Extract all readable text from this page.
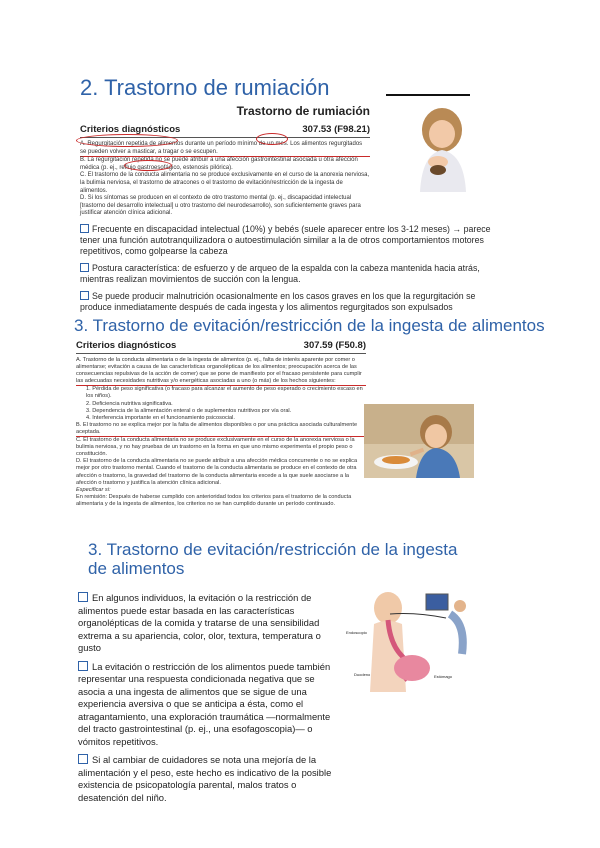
2. Trastorno de rumiación
Trastorno de rumiación
Criterios diagnósticos	307.53 (F98.21)
A. Regurgitación repetida de alimentos durante un período mínimo de un mes. Los alimentos regurgitados se pueden volver a masticar, a tragar o se escupen.
B. La regurgitación repetida no se puede atribuir a una afección gastrointestinal asociada u otra afección médica (p. ej., reflujo gastroesofágico, estenosis pilórica).
C. El trastorno de la conducta alimentaria no se produce exclusivamente en el curso de la anorexia nerviosa, la bulimia nerviosa, el trastorno de atracones o el trastorno de evitación/restricción de la ingesta de alimentos.
D. Si los síntomas se producen en el contexto de otro trastorno mental (p. ej., discapacidad intelectual [trastorno del desarrollo intelectual] u otro trastorno del neurodesarrollo), son suficientemente graves para justificar atención clínica adicional.
Frecuente en discapacidad intelectual (10%) y bebés (suele aparecer entre los 3-12 meses) → parece tener una función autotranquilizadora o autoestimulación similar a la de otros comportamientos motores repetitivos, como golpearse la cabeza
Postura característica: de esfuerzo y de arqueo de la espalda con la cabeza mantenida hacia atrás, mientras realizan movimientos de succión con la lengua.
Se puede producir malnutrición ocasionalmente en los casos graves en los que la regurgitación se produce inmediatamente después de cada ingesta y los alimentos regurgitados son expulsados
3. Trastorno de evitación/restricción de la ingesta de alimentos
Criterios diagnósticos	307.59 (F50.8)
A. Trastorno de la conducta alimentaria o de la ingesta de alimentos (p. ej., falta de interés aparente por comer o alimentarse; evitación a causa de las características organolépticas de los alimentos; preocupación acerca de las consecuencias repulsivas de la acción de comer) que se pone de manifiesto por el fracaso persistente para cumplir las adecuadas necesidades nutritivas y/o energéticas asociadas a uno (o más) de los hechos siguientes:
1. Pérdida de peso significativa (o fracaso para alcanzar el aumento de peso esperado o crecimiento escaso en los niños).
2. Deficiencia nutritiva significativa.
3. Dependencia de la alimentación enteral o de suplementos nutritivos por vía oral.
4. Interferencia importante en el funcionamiento psicosocial.
B. El trastorno no se explica mejor por la falta de alimentos disponibles o por una práctica asociada culturalmente aceptada.
C. El trastorno de la conducta alimentaria no se produce exclusivamente en el curso de la anorexia nerviosa o la bulimia nerviosa, y no hay pruebas de un trastorno en la forma en que uno mismo experimenta el propio peso o constitución.
D. El trastorno de la conducta alimentaria no se puede atribuir a una afección médica concurrente o no se explica mejor por otro trastorno mental. Cuando el trastorno de la conducta alimentaria se produce en el contexto de otra afección o trastorno, la gravedad del trastorno de la conducta alimentaria excede a la que suele asociarse a la afección o trastorno y justifica la atención clínica adicional.
Especificar si:
En remisión: Después de haberse cumplido con anterioridad todos los criterios para el trastorno de la conducta alimentaria y de la ingesta de alimentos, los criterios no se han cumplido durante un período continuado.
3. Trastorno de evitación/restricción de la ingesta
de alimentos
En algunos individuos, la evitación o la restricción de alimentos puede estar basada en las características organolépticas de la comida y tratarse de una sensibilidad extrema a su apariencia, color, olor, textura, temperatura o gusto
La evitación o restricción de los alimentos puede también representar una respuesta condicionada negativa que se asocia a una ingesta de alimentos que se sigue de una experiencia aversiva o que se anticipa a ésta, como el atragantamiento, una exploración traumática —normalmente del tracto gastrointestinal (p. ej., una esofagoscopia)— o vómitos repetitivos.
Si al cambiar de cuidadores se nota una mejoría de la alimentación y el peso, este hecho es indicativo de la posible existencia de psicopatología parental, malos tratos o desatención del niño.
Endoscopio
Duodeno	Estómago
